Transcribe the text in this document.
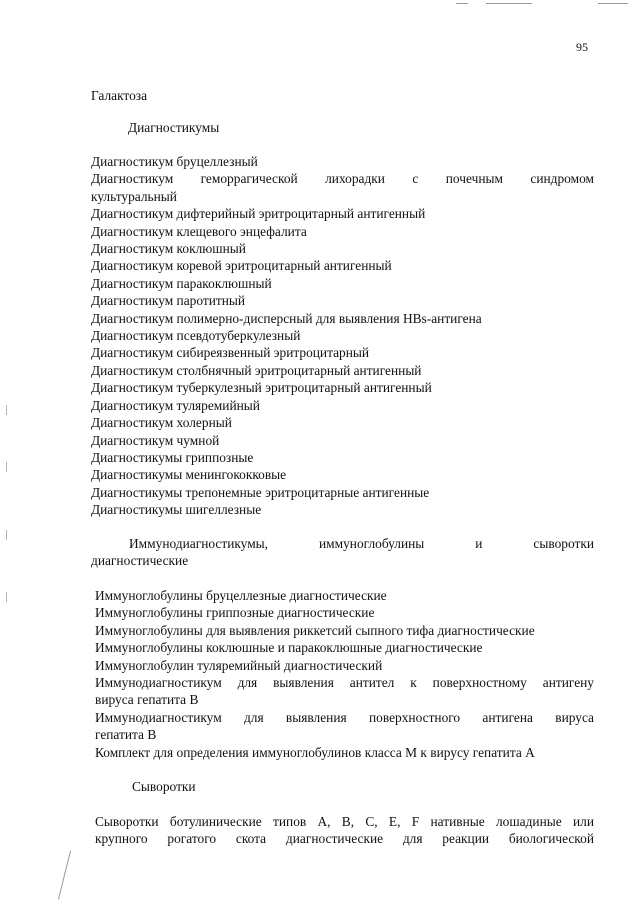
95
Галактоза
Диагностикумы
Диагностикум бруцеллезный
Диагностикум геморрагической лихорадки с почечным синдромом
культуральный
Диагностикум дифтерийный эритроцитарный антигенный
Диагностикум клещевого энцефалита
Диагностикум коклюшный
Диагностикум коревой эритроцитарный антигенный
Диагностикум паракоклюшный
Диагностикум паротитный
Диагностикум полимерно-дисперсный для выявления HBs-антигена
Диагностикум псевдотуберкулезный
Диагностикум сибиреязвенный эритроцитарный
Диагностикум столбнячный эритроцитарный антигенный
Диагностикум туберкулезный эритроцитарный антигенный
Диагностикум туляремийный
Диагностикум холерный
Диагностикум чумной
Диагностикумы гриппозные
Диагностикумы менингококковые
Диагностикумы трепонемные эритроцитарные антигенные
Диагностикумы шигеллезные
Иммунодиагностикумы, иммуноглобулины и сыворотки
диагностические
Иммуноглобулины бруцеллезные диагностические
Иммуноглобулины гриппозные диагностические
Иммуноглобулины для выявления риккетсий сыпного тифа диагностические
Иммуноглобулины коклюшные и паракоклюшные диагностические
Иммуноглобулин туляремийный диагностический
Иммунодиагностикум для выявления антител к поверхностному антигену
вируса гепатита В
Иммунодиагностикум для выявления поверхностного антигена вируса
гепатита В
Комплект для определения иммуноглобулинов класса М к вирусу гепатита А
Сыворотки
Сыворотки ботулинические типов А, В, С, Е, F нативные лошадиные или
крупного рогатого скота диагностические для реакции биологической
